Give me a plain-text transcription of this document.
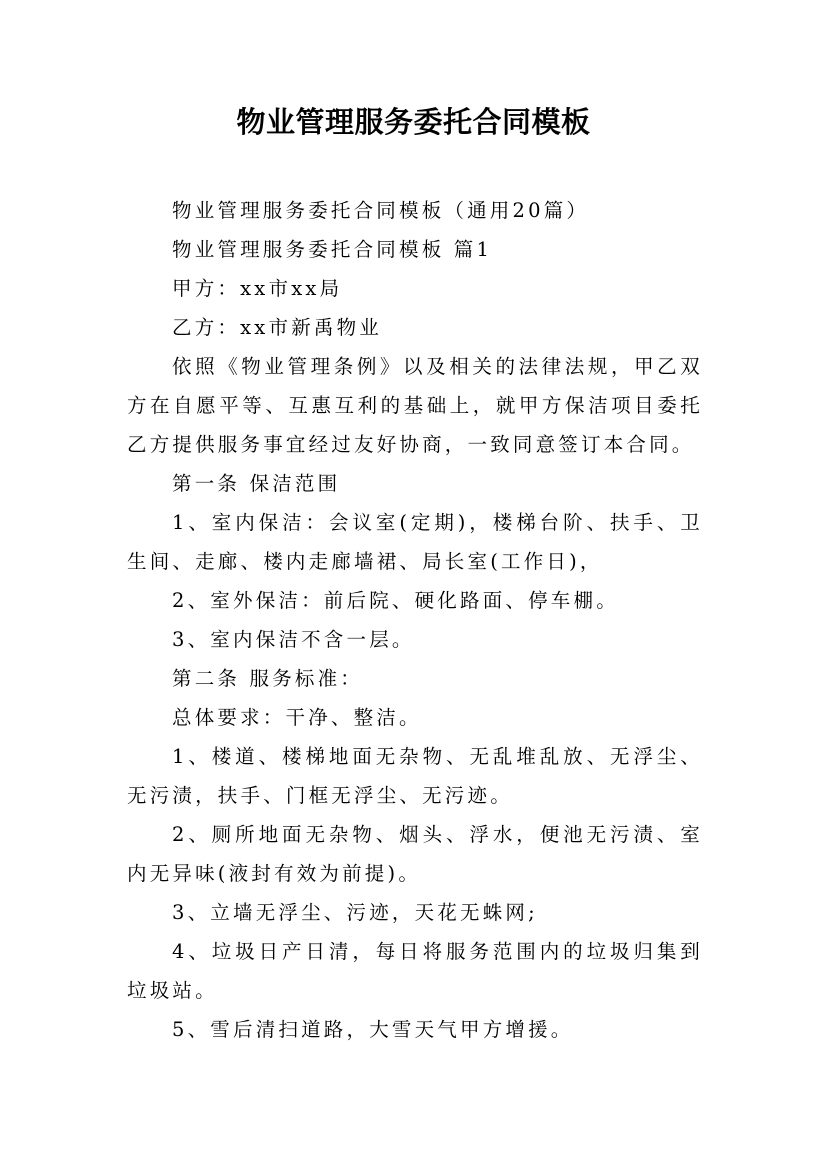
物业管理服务委托合同模板

物业管理服务委托合同模板（通用20篇）

物业管理服务委托合同模板 篇1

甲方：xx市xx局

乙方：xx市新禹物业

依照《物业管理条例》以及相关的法律法规，甲乙双方在自愿平等、互惠互利的基础上，就甲方保洁项目委托乙方提供服务事宜经过友好协商，一致同意签订本合同。

第一条 保洁范围

1、室内保洁：会议室(定期)，楼梯台阶、扶手、卫生间、走廊、楼内走廊墙裙、局长室(工作日)，

2、室外保洁：前后院、硬化路面、停车棚。

3、室内保洁不含一层。

第二条 服务标准：

总体要求：干净、整洁。

1、楼道、楼梯地面无杂物、无乱堆乱放、无浮尘、无污渍，扶手、门框无浮尘、无污迹。

2、厕所地面无杂物、烟头、浮水，便池无污渍、室内无异味(液封有效为前提)。

3、立墙无浮尘、污迹，天花无蛛网;

4、垃圾日产日清，每日将服务范围内的垃圾归集到垃圾站。

5、雪后清扫道路，大雪天气甲方增援。
